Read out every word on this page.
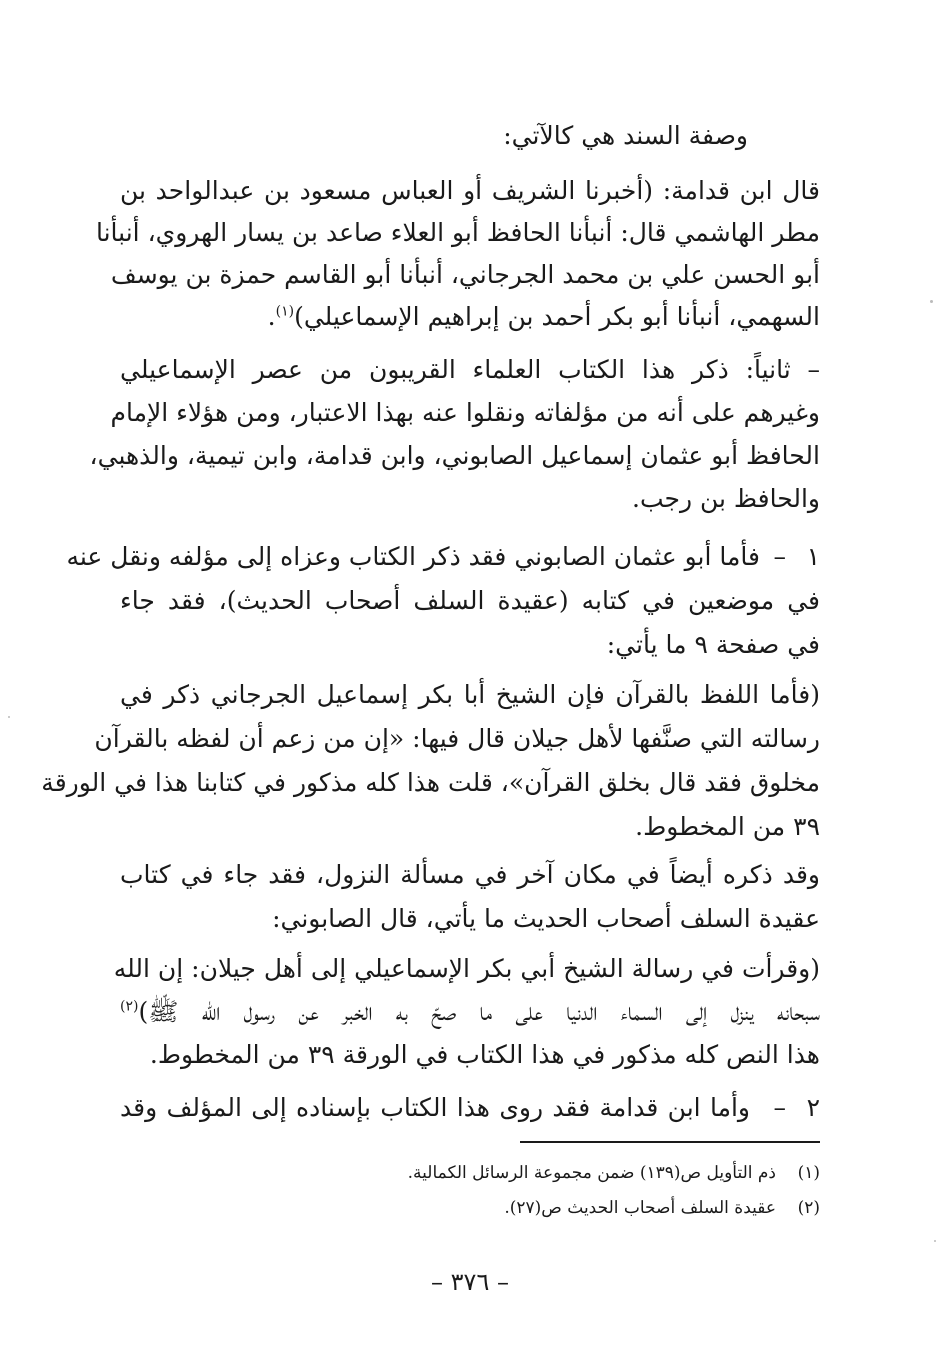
وصفة السند هي كالآتي:
قال ابن قدامة: (أخبرنا الشريف أو العباس مسعود بن عبدالواحد بن
مطر الهاشمي قال: أنبأنا الحافظ أبو العلاء صاعد بن يسار الهروي، أنبأنا
أبو الحسن علي بن محمد الجرجاني، أنبأنا أبو القاسم حمزة بن يوسف
السهمي، أنبأنا أبو بكر أحمد بن إبراهيم الإسماعيلي)$^{(١)}$.
– ثانياً: ذكر هذا الكتاب العلماء القريبون من عصر الإسماعيلي
وغيرهم على أنه من مؤلفاته ونقلوا عنه بهذا الاعتبار، ومن هؤلاء الإمام
الحافظ أبو عثمان إسماعيل الصابوني، وابن قدامة، وابن تيمية، والذهبي،
والحافظ بن رجب.
١
–
فأما أبو عثمان الصابوني فقد ذكر الكتاب وعزاه إلى مؤلفه ونقل عنه
في موضعين في كتابه (عقيدة السلف أصحاب الحديث)، فقد جاء
في صفحة ٩ ما يأتي:
(فأما اللفظ بالقرآن فإن الشيخ أبا بكر إسماعيل الجرجاني ذكر في
رسالته التي صنَّفها لأهل جيلان قال فيها: «إن من زعم أن لفظه بالقرآن
مخلوق فقد قال بخلق القرآن»، قلت هذا كله مذكور في كتابنا هذا في الورقة
٣٩ من المخطوط.
وقد ذكره أيضاً في مكان آخر في مسألة النزول، فقد جاء في كتاب
عقيدة السلف أصحاب الحديث ما يأتي، قال الصابوني:
(وقرأت في رسالة الشيخ أبي بكر الإسماعيلي إلى أهل جيلان: إن الله
سبحانه ينزل إلى السماء الدنيا على ما صحّ به الخبر عن رسول الله ﷺ)$^{(٢)}$
هذا النص كله مذكور في هذا الكتاب في الورقة ٣٩ من المخطوط.
٢
–
وأما ابن قدامة فقد روى هذا الكتاب بإسناده إلى المؤلف وقد
(١)ذم التأويل ص(١٣٩) ضمن مجموعة الرسائل الكمالية.
(٢)عقيدة السلف أصحاب الحديث ص(٢٧).
– ٣٧٦ –
